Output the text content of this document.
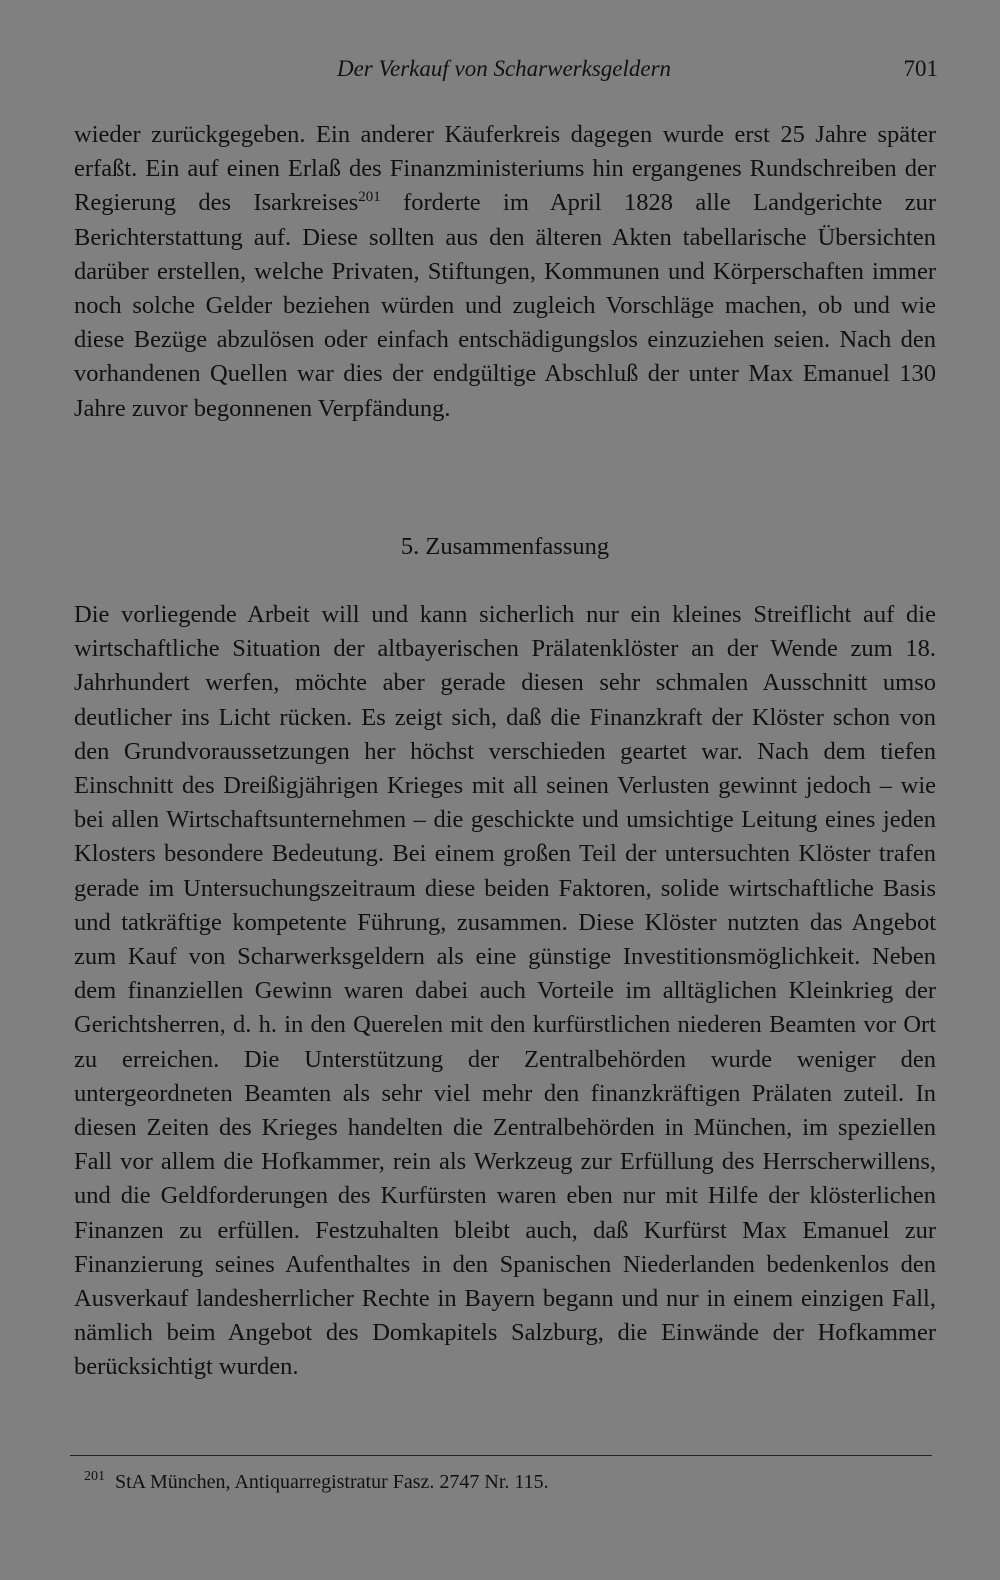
Der Verkauf von Scharwerksgeldern	701

wieder zurückgegeben. Ein anderer Käuferkreis dagegen wurde erst 25 Jahre später erfaßt. Ein auf einen Erlaß des Finanzministeriums hin ergangenes Rundschreiben der Regierung des Isarkreises$^{201}$ forderte im April 1828 alle Landgerichte zur Berichterstattung auf. Diese sollten aus den älteren Akten tabellarische Übersichten darüber erstellen, welche Privaten, Stiftungen, Kommunen und Körperschaften immer noch solche Gelder beziehen würden und zugleich Vorschläge machen, ob und wie diese Bezüge abzulösen oder einfach entschädigungslos einzuziehen seien. Nach den vorhandenen Quellen war dies der endgültige Abschluß der unter Max Emanuel 130 Jahre zuvor begonnenen Verpfändung.

5. Zusammenfassung

Die vorliegende Arbeit will und kann sicherlich nur ein kleines Streiflicht auf die wirtschaftliche Situation der altbayerischen Prälatenklöster an der Wende zum 18. Jahrhundert werfen, möchte aber gerade diesen sehr schmalen Ausschnitt umso deutlicher ins Licht rücken. Es zeigt sich, daß die Finanzkraft der Klöster schon von den Grundvoraussetzungen her höchst verschieden geartet war. Nach dem tiefen Einschnitt des Dreißigjährigen Krieges mit all seinen Verlusten gewinnt jedoch – wie bei allen Wirtschaftsunternehmen – die geschickte und umsichtige Leitung eines jeden Klosters besondere Bedeutung. Bei einem großen Teil der untersuchten Klöster trafen gerade im Untersuchungszeitraum diese beiden Faktoren, solide wirtschaftliche Basis und tatkräftige kompetente Führung, zusammen. Diese Klöster nutzten das Angebot zum Kauf von Scharwerksgeldern als eine günstige Investitionsmöglichkeit. Neben dem finanziellen Gewinn waren dabei auch Vorteile im alltäglichen Kleinkrieg der Gerichtsherren, d. h. in den Querelen mit den kurfürstlichen niederen Beamten vor Ort zu erreichen. Die Unterstützung der Zentralbehörden wurde weniger den untergeordneten Beamten als sehr viel mehr den finanzkräftigen Prälaten zuteil. In diesen Zeiten des Krieges handelten die Zentralbehörden in München, im speziellen Fall vor allem die Hofkammer, rein als Werkzeug zur Erfüllung des Herrscherwillens, und die Geldforderungen des Kurfürsten waren eben nur mit Hilfe der klösterlichen Finanzen zu erfüllen. Festzuhalten bleibt auch, daß Kurfürst Max Emanuel zur Finanzierung seines Aufenthaltes in den Spanischen Niederlanden bedenkenlos den Ausverkauf landesherrlicher Rechte in Bayern begann und nur in einem einzigen Fall, nämlich beim Angebot des Domkapitels Salzburg, die Einwände der Hofkammer berücksichtigt wurden.

$^{201}$ StA München, Antiquarregistratur Fasz. 2747 Nr. 115.
